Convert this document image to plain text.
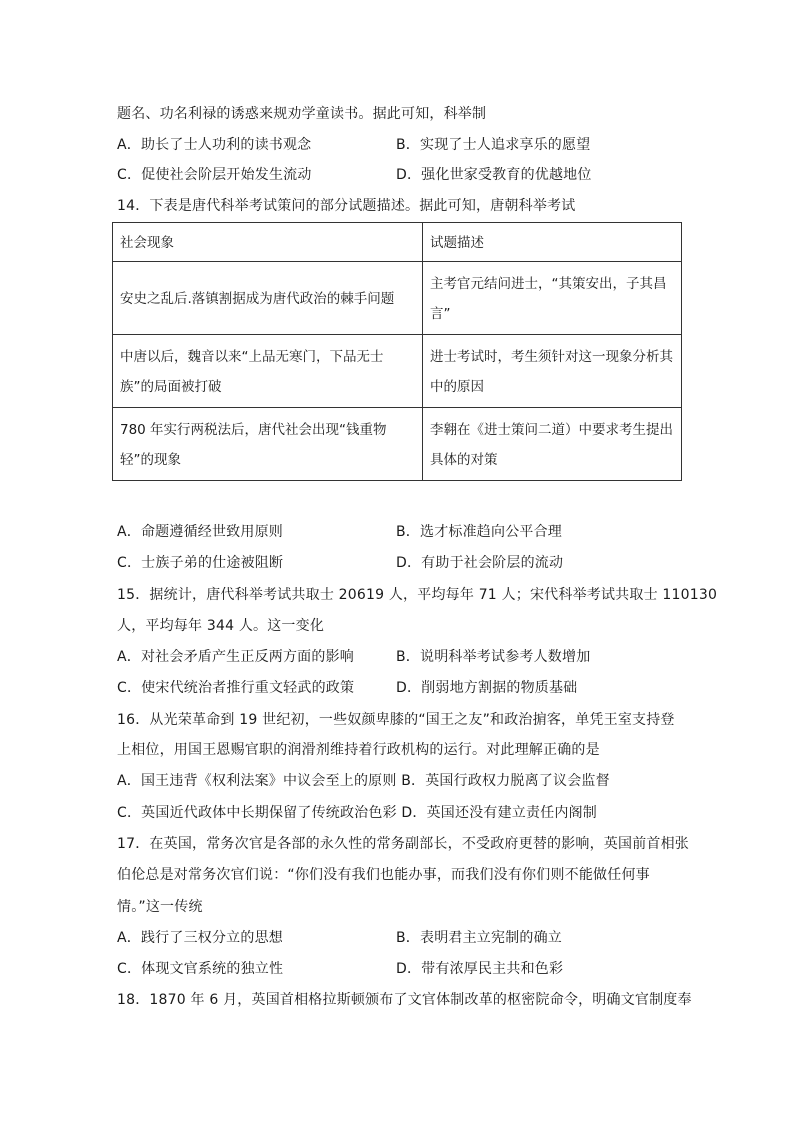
题名、功名利禄的诱惑来规劝学童读书。据此可知，科举制
A．助长了士人功利的读书观念	B．实现了士人追求享乐的愿望
C．促使社会阶层开始发生流动	D．强化世家受教育的优越地位
14．下表是唐代科举考试策问的部分试题描述。据此可知，唐朝科举考试
社会现象	试题描述
安史之乱后.落镇割据成为唐代政治的棘手问题	主考官元结问进士，“其策安出，子其昌言”
中唐以后，魏音以来“上品无寒门，下品无士族”的局面被打破	进士考试时，考生须针对这一现象分析其中的原因
780 年实行两税法后，唐代社会出现“钱重物轻”的现象	李翱在《进士策问二道）中要求考生提出具体的对策
A．命题遵循经世致用原则	B．选才标准趋向公平合理
C．士族子弟的仕途被阻断	D．有助于社会阶层的流动
15．据统计，唐代科举考试共取士 20619 人，平均每年 71 人；宋代科举考试共取士 110130
人，平均每年 344 人。这一变化
A．对社会矛盾产生正反两方面的影响	B．说明科举考试参考人数增加
C．使宋代统治者推行重文轻武的政策	D．削弱地方割据的物质基础
16．从光荣革命到 19 世纪初，一些奴颜卑膝的“国王之友”和政治掮客，单凭王室支持登
上相位，用国王恩赐官职的润滑剂维持着行政机构的运行。对此理解正确的是
A．国王违背《权利法案》中议会至上的原则 B．英国行政权力脱离了议会监督
C．英国近代政体中长期保留了传统政治色彩 D．英国还没有建立责任内阁制
17．在英国，常务次官是各部的永久性的常务副部长，不受政府更替的影响，英国前首相张
伯伦总是对常务次官们说：“你们没有我们也能办事，而我们没有你们则不能做任何事
情。”这一传统
A．践行了三权分立的思想	B．表明君主立宪制的确立
C．体现文官系统的独立性	D．带有浓厚民主共和色彩
18．1870 年 6 月，英国首相格拉斯顿颁布了文官体制改革的枢密院命令，明确文官制度奉
